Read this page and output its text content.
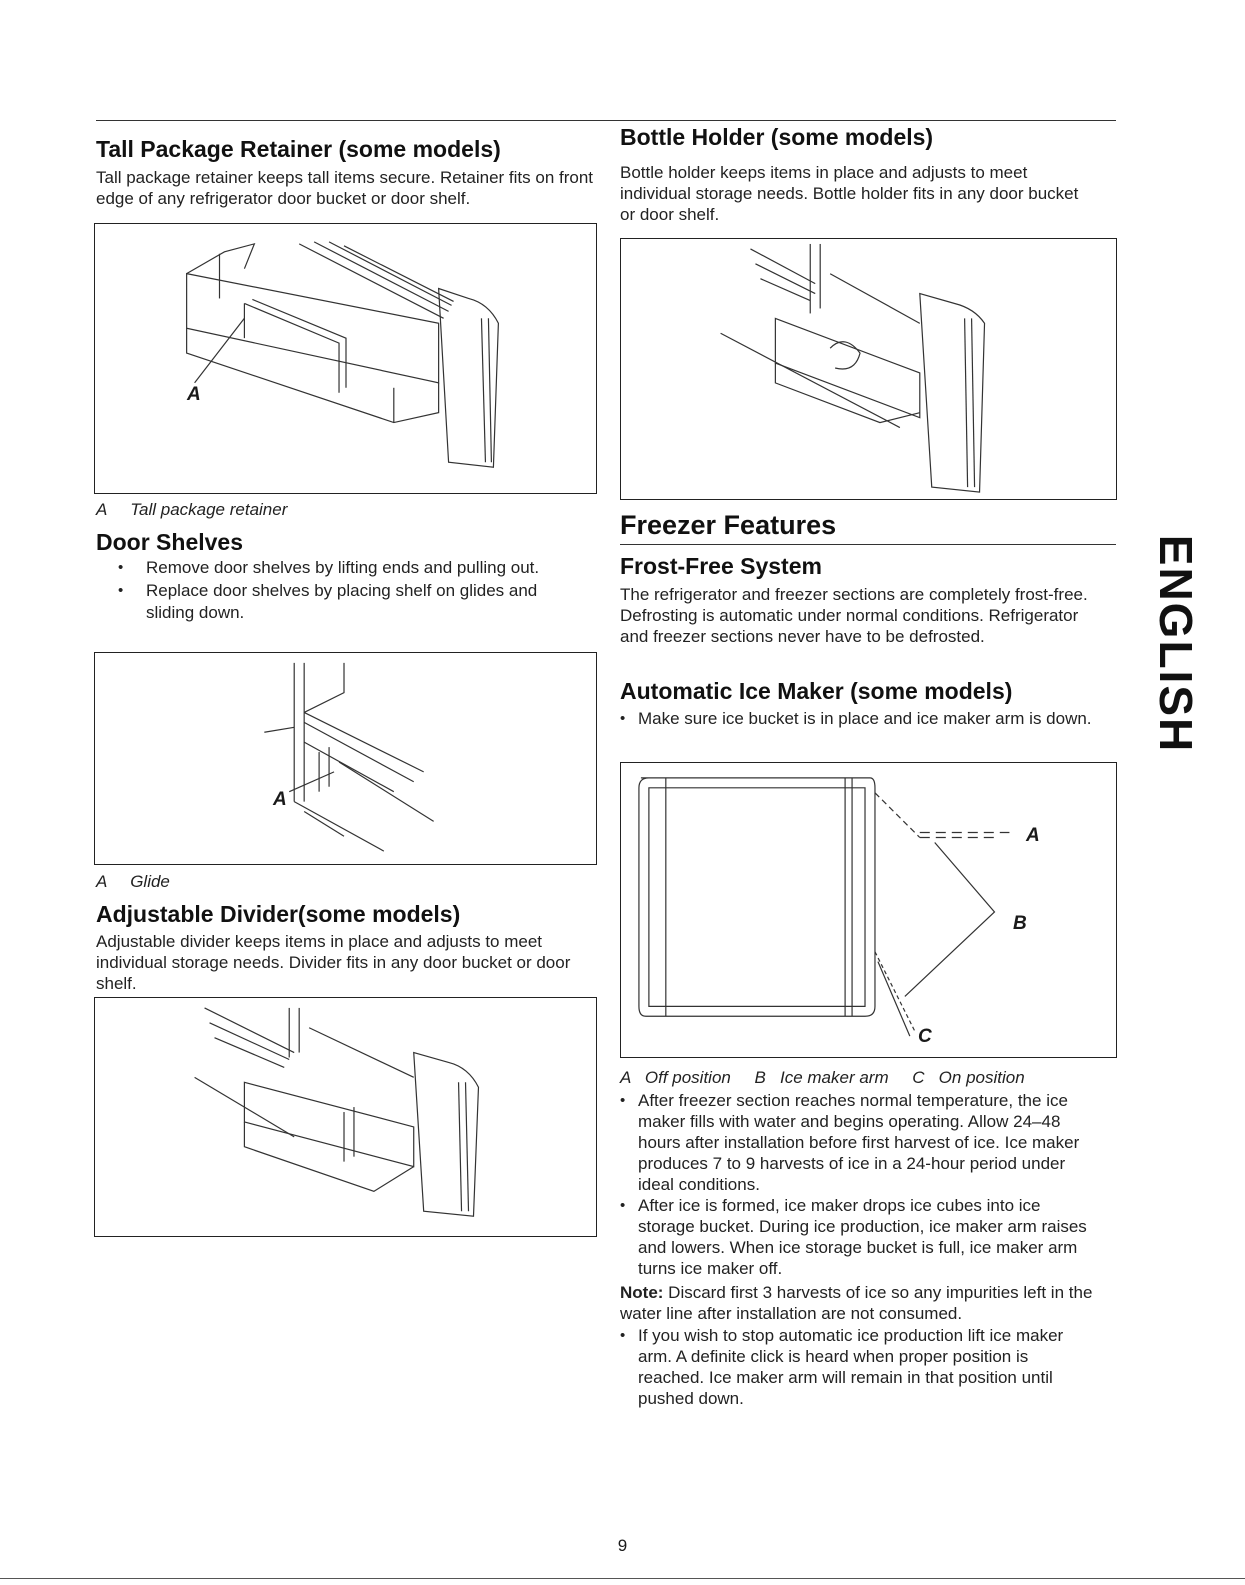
Tall Package Retainer (some models)

Tall package retainer keeps tall items secure. Retainer fits on front edge of any refrigerator door bucket or door shelf.

A
A Tall package retainer
Door Shelves
• Remove door shelves by lifting ends and pulling out.
• Replace door shelves by placing shelf on glides and sliding down.
A
A Glide
Adjustable Divider(some models)

Adjustable divider keeps items in place and adjusts to meet individual storage needs. Divider fits in any door bucket or door shelf.

Bottle Holder (some models)

Bottle holder keeps items in place and adjusts to meet individual storage needs. Bottle holder fits in any door bucket or door shelf.

Freezer Features
Frost-Free System

The refrigerator and freezer sections are completely frost-free. Defrosting is automatic under normal conditions. Refrigerator and freezer sections never have to be defrosted.

Automatic Ice Maker (some models)
• Make sure ice bucket is in place and ice maker arm is down.
A
B
C
A   Off position     B   Ice maker arm     C   On position
• After freezer section reaches normal temperature, the ice maker fills with water and begins operating. Allow 24–48 hours after installation before first harvest of ice. Ice maker produces 7 to 9 harvests of ice in a 24-hour period under ideal conditions.
• After ice is formed, ice maker drops ice cubes into ice storage bucket. During ice production, ice maker arm raises and lowers. When ice storage bucket is full, ice maker arm turns ice maker off.

Note: Discard first 3 harvests of ice so any impurities left in the water line after installation are not consumed.

• If you wish to stop automatic ice production lift ice maker arm. A definite click is heard when proper position is reached. Ice maker arm will remain in that position until pushed down.
ENGLISH
9
